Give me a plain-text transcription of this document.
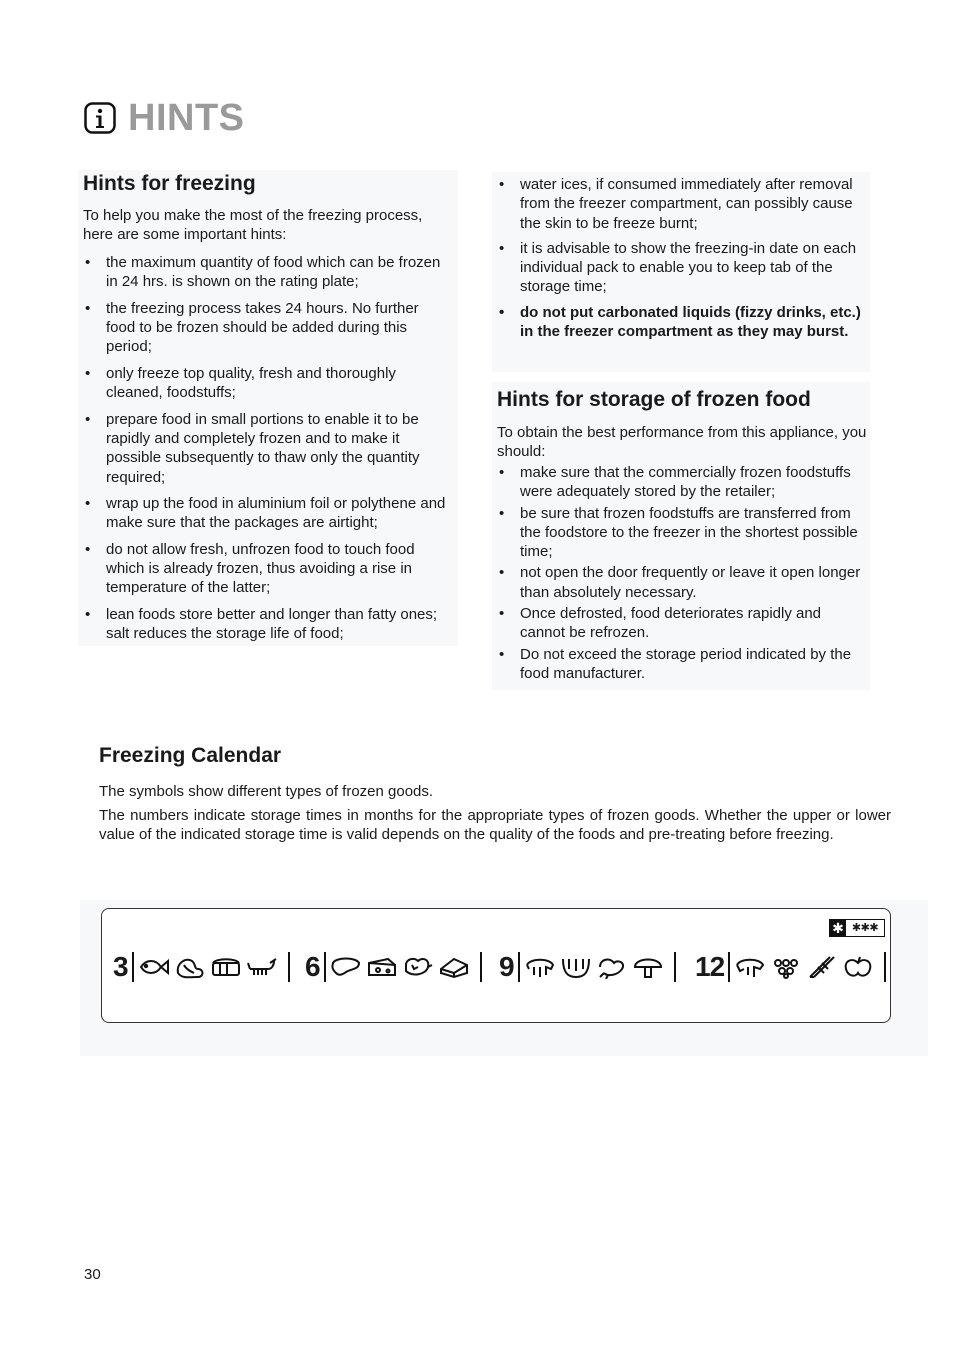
HINTS
Hints for freezing

To help you make the most of the freezing process, here are some important hints:

• the maximum quantity of food which can be frozen in 24 hrs. is shown on the rating plate;
• the freezing process takes 24 hours. No further food to be frozen should be added during this period;
• only freeze top quality, fresh and thoroughly cleaned, foodstuffs;
• prepare food in small portions to enable it to be rapidly and completely frozen and to make it possible subsequently to thaw only the quantity required;
• wrap up the food in aluminium foil or polythene and make sure that the packages are airtight;
• do not allow fresh, unfrozen food to touch food which is already frozen, thus avoiding a rise in temperature of the latter;
• lean foods store better and longer than fatty ones; salt reduces the storage life of food;
• water ices, if consumed immediately after removal from the freezer compartment, can possibly cause the skin to be freeze burnt;
• it is advisable to show the freezing-in date on each individual pack to enable you to keep tab of the storage time;
• do not put carbonated liquids (fizzy drinks, etc.) in the freezer compartment as they may burst.
Hints for storage of frozen food

To obtain the best performance from this appliance, you should:

• make sure that the commercially frozen foodstuffs were adequately stored by the retailer;
• be sure that frozen foodstuffs are transferred from the foodstore to the freezer in the shortest possible time;
• not open the door frequently or leave it open longer than absolutely necessary.
• Once defrosted, food deteriorates rapidly and cannot be refrozen.
• Do not exceed the storage period indicated by the food manufacturer.
Freezing Calendar

The symbols show different types of frozen goods.

The numbers indicate storage times in months for the appropriate types of frozen goods. Whether the upper or lower value of the indicated storage time is valid depends on the quality of the foods and pre-treating before freezing.

✱ ✱✱✱
3	6	9	12
30
